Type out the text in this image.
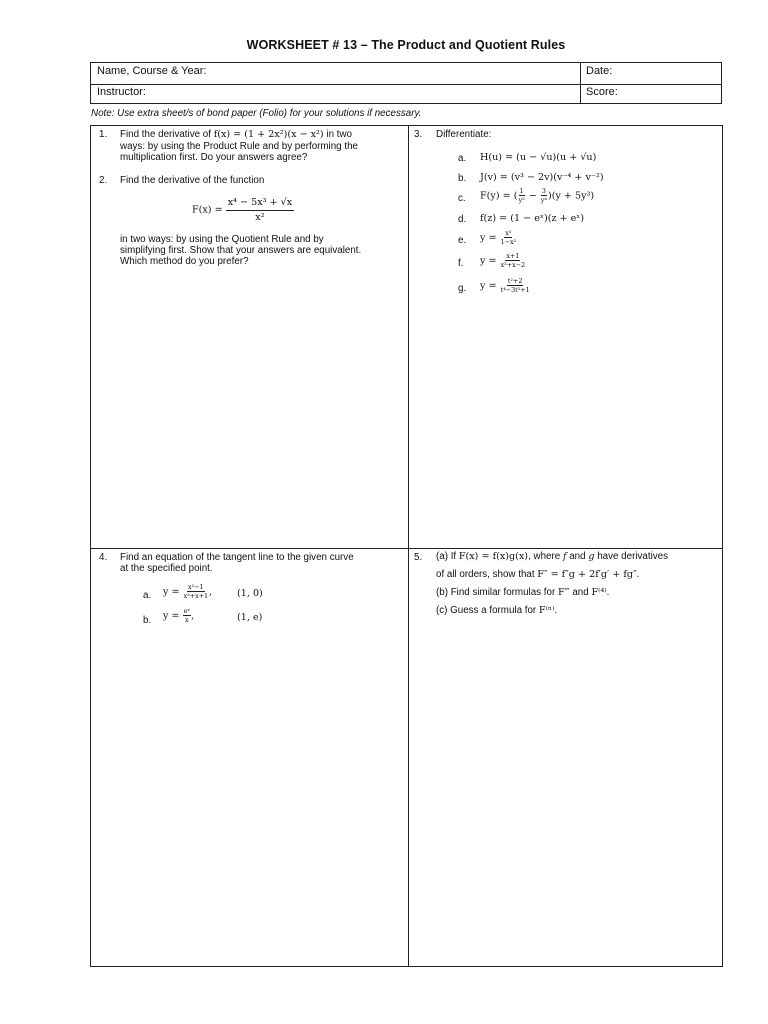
WORKSHEET # 13 – The Product and Quotient Rules
Name, Course & Year:	Date:
Instructor:	Score:
Note: Use extra sheet/s of bond paper (Folio) for your solutions if necessary.
1. Find the derivative of f(x) = (1 + 2x²)(x − x²) in two
ways: by using the Product Rule and by performing the
multiplication first. Do your answers agree?
2. Find the derivative of the function
$F(x) = \frac{\text{x⁴ − 5x³ + √x}}{\text{x²}}$
in two ways: by using the Quotient Rule and by
simplifying first. Show that your answers are equivalent.
Which method do you prefer?
3. Differentiate:
a. H(u) = (u − √u)(u + √u)
b. J(v) = (v³ − 2v)(v⁻⁴ + v⁻²)
c. F(y) = ( $\frac{1}{\text{y²}} - \frac{3}{\text{y⁴}} )(y + 5y^3)$
d. f(z) = (1 − eˣ)(z + eˣ)
e. $y = \frac{\text{x³}}{\text{1−x²}}$
f. $y = \frac{x+1}{\text{x³+x−2}}$
g. $y = \frac{\text{t²+2}}{\text{t⁴−3t²+1}}$
4. Find an equation of the tangent line to the given curve
at the specified point.
a. $y = \frac{\text{x²−1}}{\text{x²+x+1}}$ ,	(1, 0)
b. $y = \frac{\text{eˣ}}{x}$ ,	(1, e)
5. (a) If F(x) = f(x)g(x), where f and g have derivatives
of all orders, show that F″ = f″g + 2f′g′ + fg″.
(b) Find similar formulas for F‴ and F⁽⁴⁾.
(c) Guess a formula for F⁽ⁿ⁾.
